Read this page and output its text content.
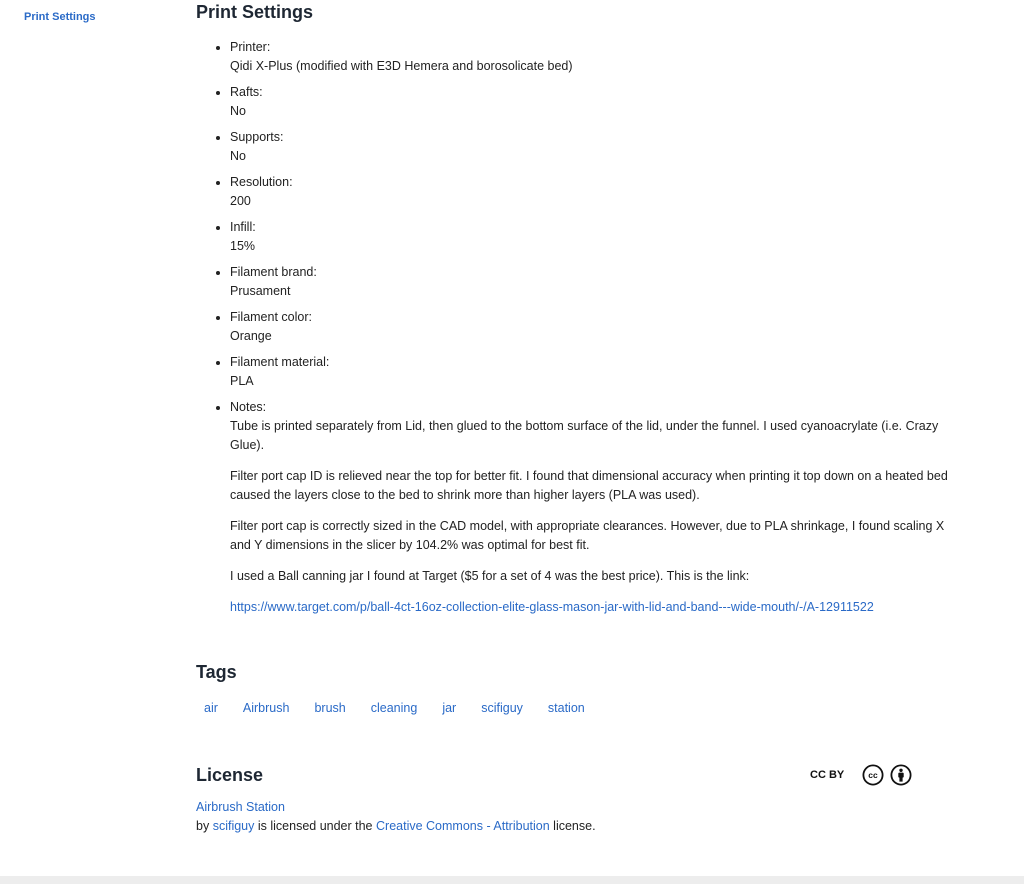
Print Settings	Print Settings
• Printer:
Qidi X-Plus (modified with E3D Hemera and borosolicate bed)
• Rafts:
No
• Supports:
No
• Resolution:
200
• Infill:
15%
• Filament brand:
Prusament
• Filament color:
Orange
• Filament material:
PLA
• Notes:

Tube is printed separately from Lid, then glued to the bottom surface of the lid, under the funnel. I used cyanoacrylate (i.e. Crazy Glue).

Filter port cap ID is relieved near the top for better fit. I found that dimensional accuracy when printing it top down on a heated bed caused the layers close to the bed to shrink more than higher layers (PLA was used).

Filter port cap is correctly sized in the CAD model, with appropriate clearances. However, due to PLA shrinkage, I found scaling X and Y dimensions in the slicer by 104.2% was optimal for best fit.

I used a Ball canning jar I found at Target ($5 for a set of 4 was the best price). This is the link:

https://www.target.com/p/ball-4ct-16oz-collection-elite-glass-mason-jar-with-lid-and-band---wide-mouth/-/A-12911522

Tags
air	Airbrush	brush	cleaning	jar	scifiguy	station
License	CC BY	cc
Airbrush Station
by scifiguy is licensed under the Creative Commons - Attribution license.
